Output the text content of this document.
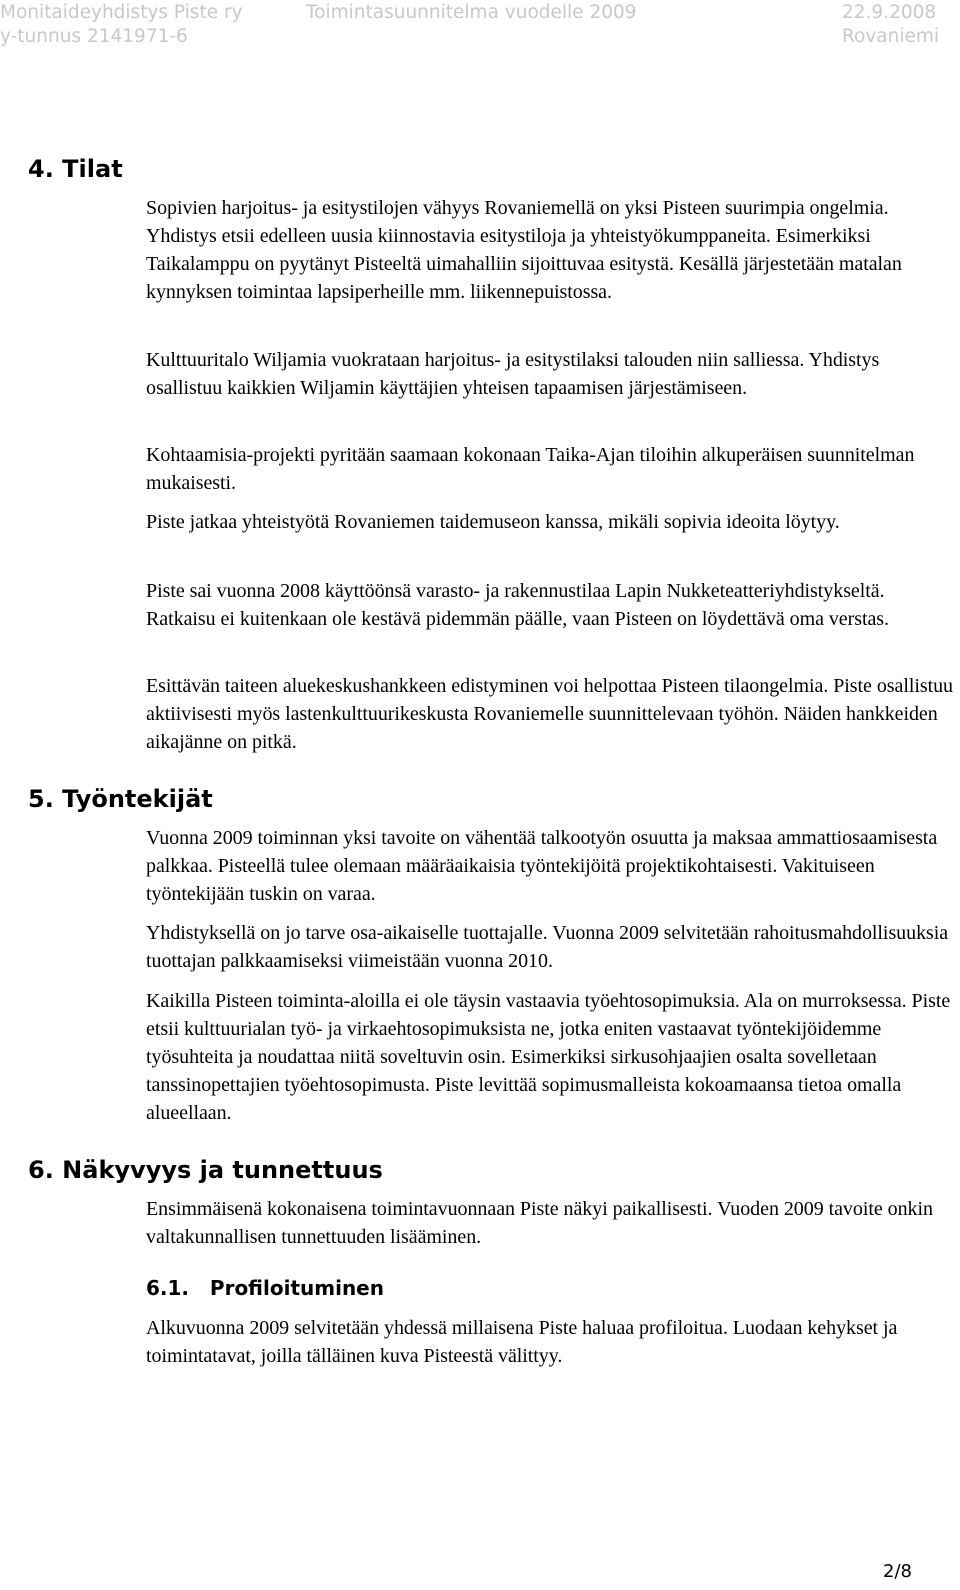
Monitaideyhdistys Piste ry
y-tunnus 2141971-6
Toimintasuunnitelma vuodelle 2009	22.9.2008
Rovaniemi
4. Tilat

Sopivien harjoitus- ja esitystilojen vähyys Rovaniemellä on yksi Pisteen suurimpia ongelmia. Yhdistys etsii edelleen uusia kiinnostavia esitystiloja ja yhteistyökumppaneita. Esimerkiksi Taikalamppu on pyytänyt Pisteeltä uimahalliin sijoittuvaa esitystä. Kesällä järjestetään matalan kynnyksen toimintaa lapsiperheille mm. liikennepuistossa.

Kulttuuritalo Wiljamia vuokrataan harjoitus- ja esitystilaksi talouden niin salliessa. Yhdistys osallistuu kaikkien Wiljamin käyttäjien yhteisen tapaamisen järjestämiseen.

Kohtaamisia-projekti pyritään saamaan kokonaan Taika-Ajan tiloihin alkuperäisen suunnitelman mukaisesti.

Piste jatkaa yhteistyötä Rovaniemen taidemuseon kanssa, mikäli sopivia ideoita löytyy.

Piste sai vuonna 2008 käyttöönsä varasto- ja rakennustilaa Lapin Nukketeatteriyhdistykseltä. Ratkaisu ei kuitenkaan ole kestävä pidemmän päälle, vaan Pisteen on löydettävä oma verstas.

Esittävän taiteen aluekeskushankkeen edistyminen voi helpottaa Pisteen tilaongelmia. Piste osallistuu aktiivisesti myös lastenkulttuurikeskusta Rovaniemelle suunnittelevaan työhön. Näiden hankkeiden aikajänne on pitkä.

5. Työntekijät

Vuonna 2009 toiminnan yksi tavoite on vähentää talkootyön osuutta ja maksaa ammattiosaamisesta palkkaa. Pisteellä tulee olemaan määräaikaisia työntekijöitä projektikohtaisesti. Vakituiseen työntekijään tuskin on varaa.

Yhdistyksellä on jo tarve osa-aikaiselle tuottajalle. Vuonna 2009 selvitetään rahoitusmahdollisuuksia tuottajan palkkaamiseksi viimeistään vuonna 2010.

Kaikilla Pisteen toiminta-aloilla ei ole täysin vastaavia työehtosopimuksia. Ala on murroksessa. Piste etsii kulttuurialan työ- ja virkaehtosopimuksista ne, jotka eniten vastaavat työntekijöidemme työsuhteita ja noudattaa niitä soveltuvin osin. Esimerkiksi sirkusohjaajien osalta sovelletaan tanssinopettajien työehtosopimusta. Piste levittää sopimusmalleista kokoamaansa tietoa omalla alueellaan.

6. Näkyvyys ja tunnettuus

Ensimmäisenä kokonaisena toimintavuonnaan Piste näkyi paikallisesti. Vuoden 2009 tavoite onkin valtakunnallisen tunnettuuden lisääminen.

6.1.   Profiloituminen

Alkuvuonna 2009 selvitetään yhdessä millaisena Piste haluaa profiloitua. Luodaan kehykset ja toimintatavat, joilla tälläinen kuva Pisteestä välittyy.

2/8
